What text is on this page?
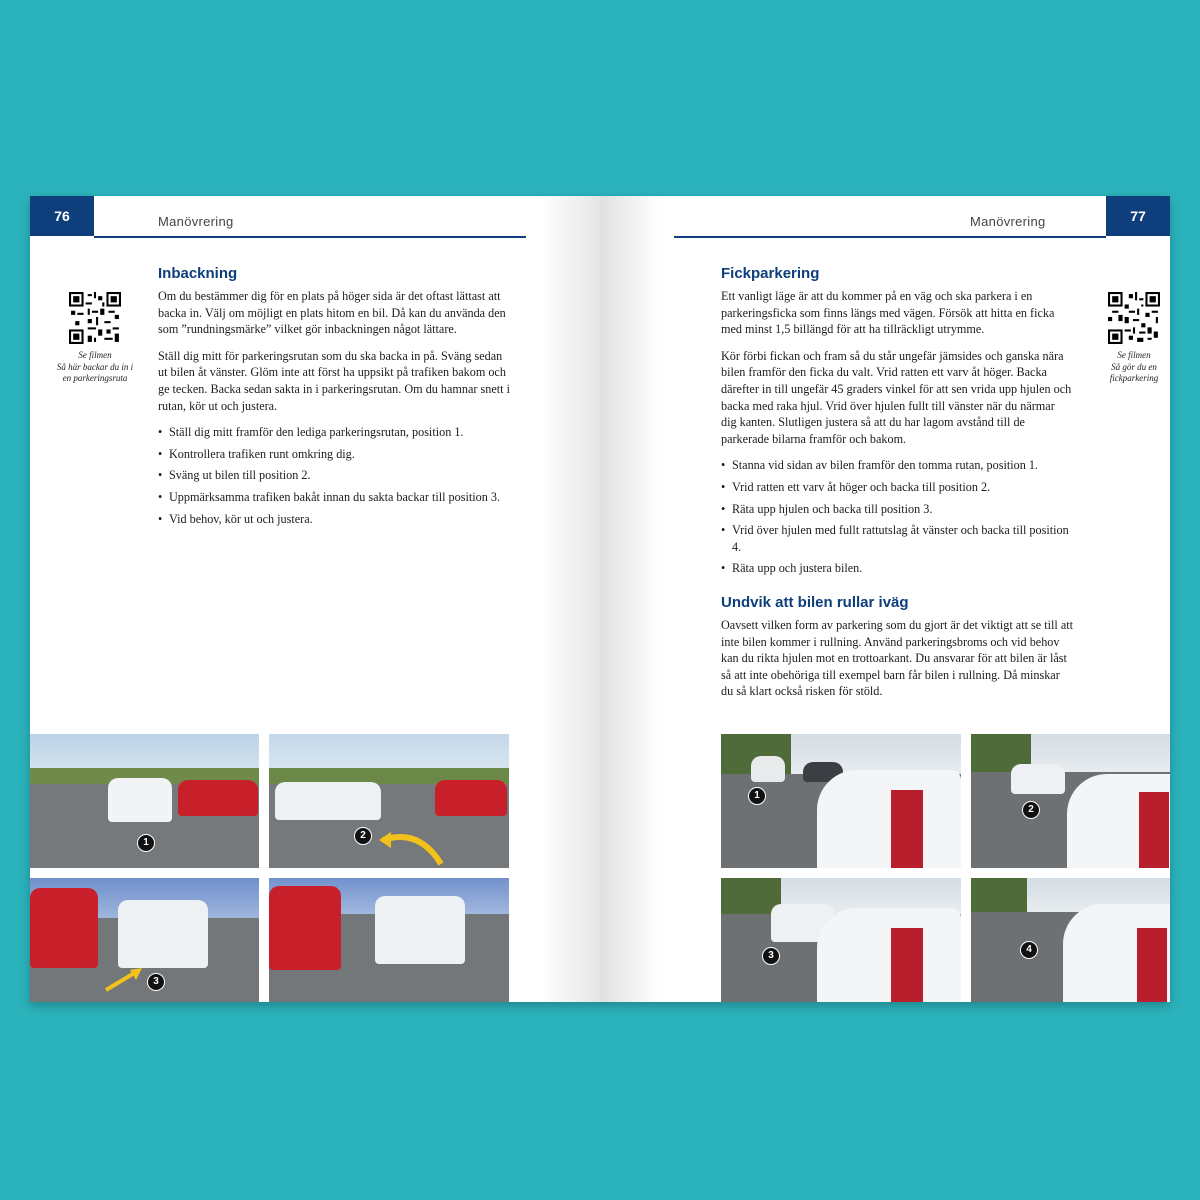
76	Manövrering
Se filmen
Så här backar du in i
en parkeringsruta
Inbackning

Om du bestämmer dig för en plats på höger sida är det oftast lättast att backa in. Välj om möjligt en plats hitom en bil. Då kan du använda den som ”rundningsmärke” vilket gör inbackningen något lättare.

Ställ dig mitt för parkeringsrutan som du ska backa in på. Sväng sedan ut bilen åt vänster. Glöm inte att först ha uppsikt på trafiken bakom och ge tecken. Backa sedan sakta in i parkeringsrutan. Om du hamnar snett i rutan, kör ut och justera.

• Ställ dig mitt framför den lediga parkeringsrutan, position 1.
• Kontrollera trafiken runt omkring dig.
• Sväng ut bilen till position 2.
• Uppmärksamma trafiken bakåt innan du sakta backar till position 3.
• Vid behov, kör ut och justera.
1
2
3
77
Manövrering
Fickparkering

Ett vanligt läge är att du kommer på en väg och ska parkera i en parkeringsficka som finns längs med vägen. Försök att hitta en ficka med minst 1,5 billängd för att ha tillräckligt utrymme.

Kör förbi fickan och fram så du står ungefär jämsides och ganska nära bilen framför den ficka du valt. Vrid ratten ett varv åt höger. Backa därefter in till ungefär 45 graders vinkel för att sen vrida upp hjulen och backa med raka hjul. Vrid över hjulen fullt till vänster när du närmar dig kanten. Slutligen justera så att du har lagom avstånd till de parkerade bilarna framför och bakom.

• Stanna vid sidan av bilen framför den tomma rutan, position 1.
• Vrid ratten ett varv åt höger och backa till position 2.
• Räta upp hjulen och backa till position 3.
• Vrid över hjulen med fullt rattutslag åt vänster och backa till position 4.
• Räta upp och justera bilen.
Undvik att bilen rullar iväg

Oavsett vilken form av parkering som du gjort är det viktigt att se till att inte bilen kommer i rullning. Använd parkeringsbroms och vid behov kan du rikta hjulen mot en trottoarkant. Du ansvarar för att bilen är låst så att inte obehöriga till exempel barn får bilen i rullning. Då minskar du så klart också risken för stöld.

Se filmen
Så gör du en
fickparkering
1
2
3
4
